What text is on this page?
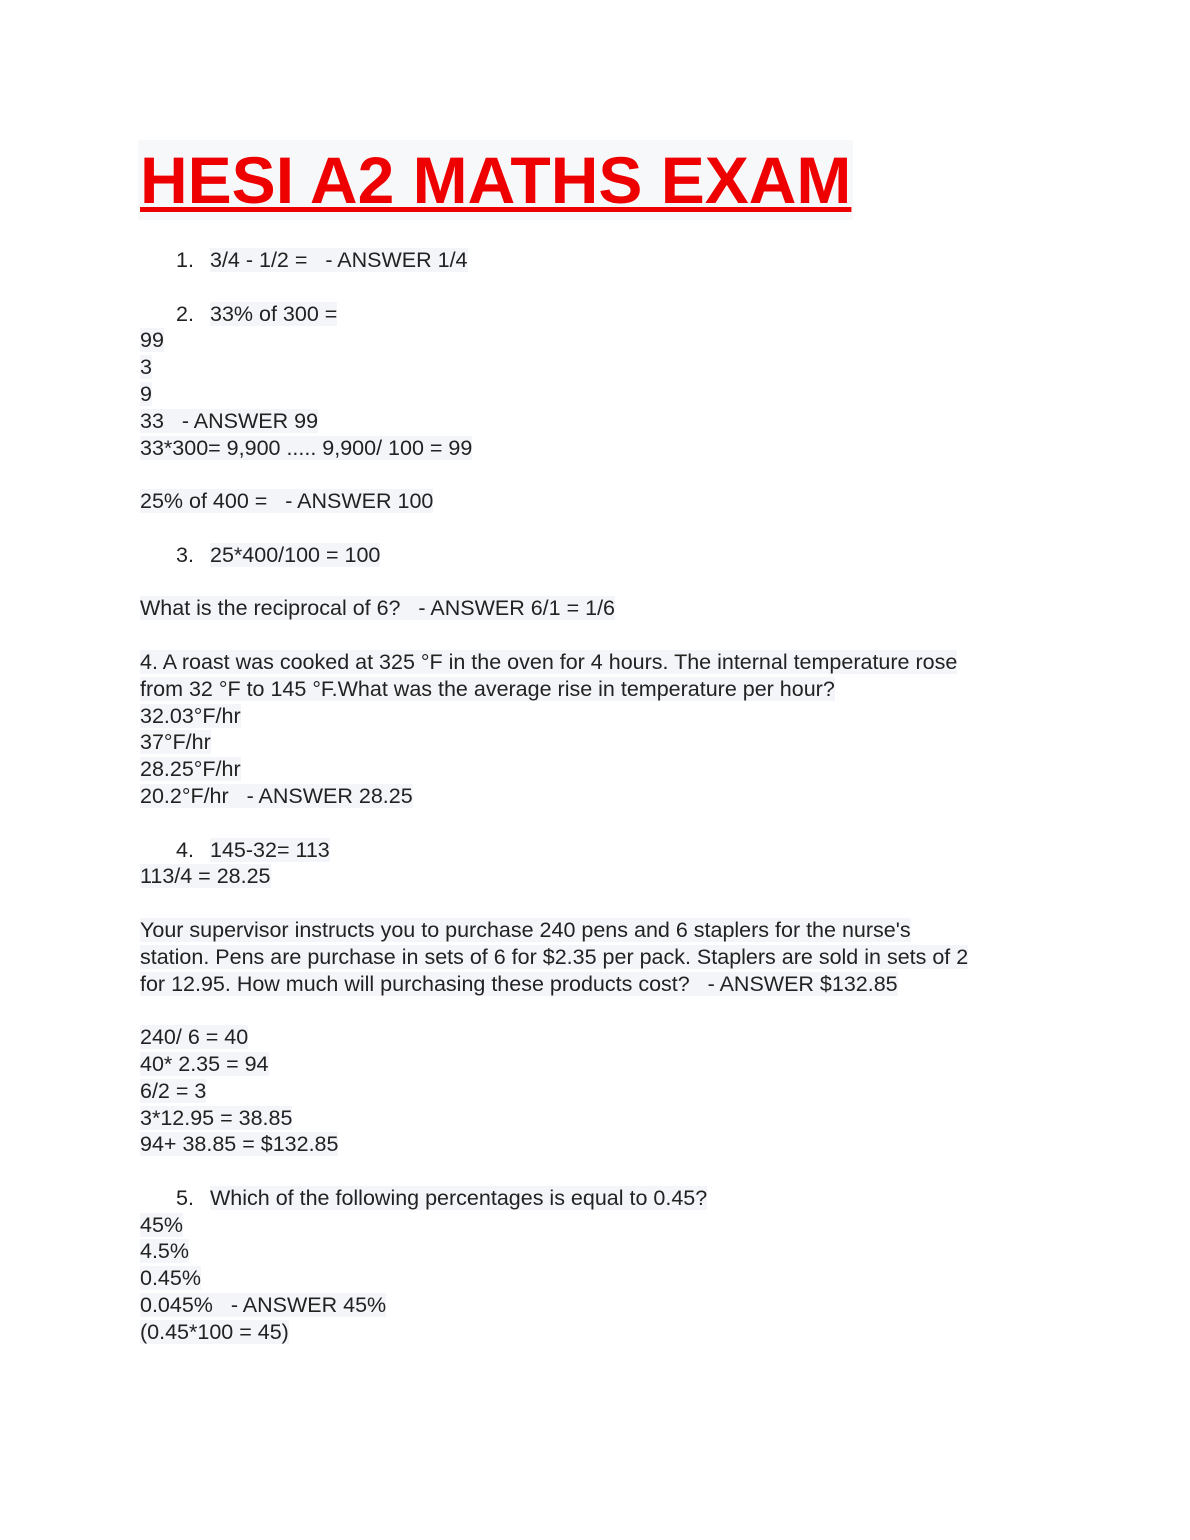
HESI A2 MATHS EXAM
1. 3/4 - 1/2 =   - ANSWER 1/4
2. 33% of 300 =
99
3
9
33   - ANSWER 99
33*300= 9,900 ..... 9,900/ 100 = 99
25% of 400 =   - ANSWER 100
3. 25*400/100 = 100
What is the reciprocal of 6?   - ANSWER 6/1 = 1/6
4. A roast was cooked at 325 °F in the oven for 4 hours. The internal temperature rose
from 32 °F to 145 °F.What was the average rise in temperature per hour?
32.03°F/hr
37°F/hr
28.25°F/hr
20.2°F/hr   - ANSWER 28.25
4. 145-32= 113
113/4 = 28.25
Your supervisor instructs you to purchase 240 pens and 6 staplers for the nurse's
station. Pens are purchase in sets of 6 for $2.35 per pack. Staplers are sold in sets of 2
for 12.95. How much will purchasing these products cost?   - ANSWER $132.85
240/ 6 = 40
40* 2.35 = 94
6/2 = 3
3*12.95 = 38.85
94+ 38.85 = $132.85
5. Which of the following percentages is equal to 0.45?
45%
4.5%
0.45%
0.045%   - ANSWER 45%
(0.45*100 = 45)
